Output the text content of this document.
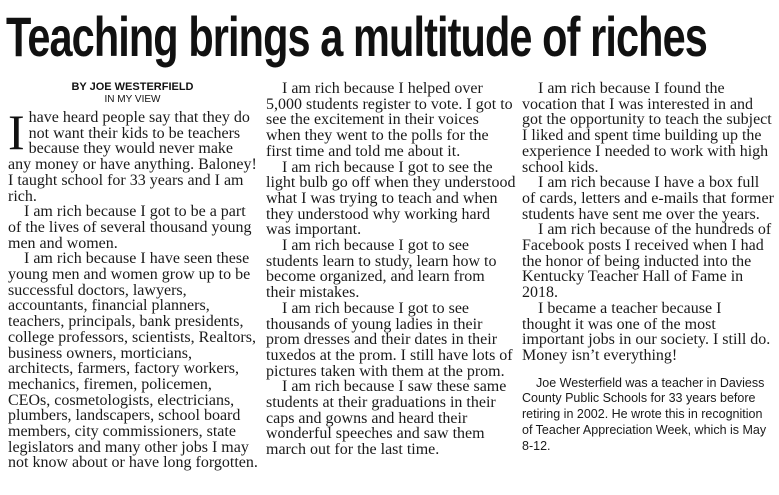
Teaching brings a multitude of riches
BY JOE WESTERFIELD
IN MY VIEW

Ihave heard people say that they do not want their kids to be teachers because they would never make any money or have anything. Baloney! I taught school for 33 years and I am rich.

I am rich because I got to be a part of the lives of several thousand young men and women.

I am rich because I have seen these young men and women grow up to be successful doctors, lawyers, accountants, financial planners, teachers, principals, bank presidents, college professors, scientists, Realtors, business owners, morticians, architects, farmers, factory workers, mechanics, firemen, policemen, CEOs, cosmetologists, electricians, plumbers, landscapers, school board members, city commissioners, state legislators and many other jobs I may not know about or have long forgotten.

I am rich because I helped over 5,000 students register to vote. I got to see the excitement in their voices when they went to the polls for the first time and told me about it.

I am rich because I got to see the light bulb go off when they understood what I was trying to teach and when they understood why working hard was important.

I am rich because I got to see students learn to study, learn how to become organized, and learn from their mistakes.

I am rich because I got to see thousands of young ladies in their prom dresses and their dates in their tuxedos at the prom. I still have lots of pictures taken with them at the prom.

I am rich because I saw these same students at their graduations in their caps and gowns and heard their wonderful speeches and saw them march out for the last time.

I am rich because I found the vocation that I was interested in and got the opportunity to teach the subject I liked and spent time building up the experience I needed to work with high school kids.

I am rich because I have a box full of cards, letters and e-mails that former students have sent me over the years.

I am rich because of the hundreds of Facebook posts I received when I had the honor of being inducted into the Kentucky Teacher Hall of Fame in 2018.

I became a teacher because I thought it was one of the most important jobs in our society. I still do. Money isn’t everything!

Joe Westerfield was a teacher in Daviess County Public Schools for 33 years before retiring in 2002. He wrote this in recognition of Teacher Appreciation Week, which is May 8-12.
